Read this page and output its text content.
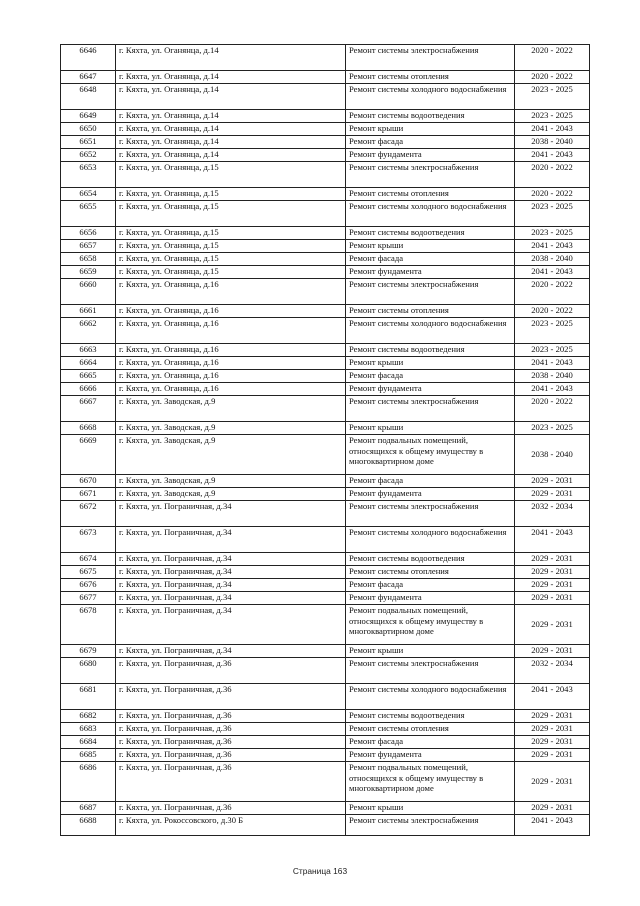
6646	г. Кяхта, ул. Оганянца, д.14	Ремонт системы электроснабжения	2020 - 2022
6647	г. Кяхта, ул. Оганянца, д.14	Ремонт системы отопления	2020 - 2022
6648	г. Кяхта, ул. Оганянца, д.14	Ремонт системы холодного водоснабжения	2023 - 2025
6649	г. Кяхта, ул. Оганянца, д.14	Ремонт системы водоотведения	2023 - 2025
6650	г. Кяхта, ул. Оганянца, д.14	Ремонт крыши	2041 - 2043
6651	г. Кяхта, ул. Оганянца, д.14	Ремонт фасада	2038 - 2040
6652	г. Кяхта, ул. Оганянца, д.14	Ремонт фундамента	2041 - 2043
6653	г. Кяхта, ул. Оганянца, д.15	Ремонт системы электроснабжения	2020 - 2022
6654	г. Кяхта, ул. Оганянца, д.15	Ремонт системы отопления	2020 - 2022
6655	г. Кяхта, ул. Оганянца, д.15	Ремонт системы холодного водоснабжения	2023 - 2025
6656	г. Кяхта, ул. Оганянца, д.15	Ремонт системы водоотведения	2023 - 2025
6657	г. Кяхта, ул. Оганянца, д.15	Ремонт крыши	2041 - 2043
6658	г. Кяхта, ул. Оганянца, д.15	Ремонт фасада	2038 - 2040
6659	г. Кяхта, ул. Оганянца, д.15	Ремонт фундамента	2041 - 2043
6660	г. Кяхта, ул. Оганянца, д.16	Ремонт системы электроснабжения	2020 - 2022
6661	г. Кяхта, ул. Оганянца, д.16	Ремонт системы отопления	2020 - 2022
6662	г. Кяхта, ул. Оганянца, д.16	Ремонт системы холодного водоснабжения	2023 - 2025
6663	г. Кяхта, ул. Оганянца, д.16	Ремонт системы водоотведения	2023 - 2025
6664	г. Кяхта, ул. Оганянца, д.16	Ремонт крыши	2041 - 2043
6665	г. Кяхта, ул. Оганянца, д.16	Ремонт фасада	2038 - 2040
6666	г. Кяхта, ул. Оганянца, д.16	Ремонт фундамента	2041 - 2043
6667	г. Кяхта, ул. Заводская, д.9	Ремонт системы электроснабжения	2020 - 2022
6668	г. Кяхта, ул. Заводская, д.9	Ремонт крыши	2023 - 2025
6669	г. Кяхта, ул. Заводская, д.9	Ремонт подвальных помещений, относящихся к общему имуществу в многоквартирном доме	2038 - 2040
6670	г. Кяхта, ул. Заводская, д.9	Ремонт фасада	2029 - 2031
6671	г. Кяхта, ул. Заводская, д.9	Ремонт фундамента	2029 - 2031
6672	г. Кяхта, ул. Пограничная, д.34	Ремонт системы электроснабжения	2032 - 2034
6673	г. Кяхта, ул. Пограничная, д.34	Ремонт системы холодного водоснабжения	2041 - 2043
6674	г. Кяхта, ул. Пограничная, д.34	Ремонт системы водоотведения	2029 - 2031
6675	г. Кяхта, ул. Пограничная, д.34	Ремонт системы отопления	2029 - 2031
6676	г. Кяхта, ул. Пограничная, д.34	Ремонт фасада	2029 - 2031
6677	г. Кяхта, ул. Пограничная, д.34	Ремонт фундамента	2029 - 2031
6678	г. Кяхта, ул. Пограничная, д.34	Ремонт подвальных помещений, относящихся к общему имуществу в многоквартирном доме	2029 - 2031
6679	г. Кяхта, ул. Пограничная, д.34	Ремонт крыши	2029 - 2031
6680	г. Кяхта, ул. Пограничная, д.36	Ремонт системы электроснабжения	2032 - 2034
6681	г. Кяхта, ул. Пограничная, д.36	Ремонт системы холодного водоснабжения	2041 - 2043
6682	г. Кяхта, ул. Пограничная, д.36	Ремонт системы водоотведения	2029 - 2031
6683	г. Кяхта, ул. Пограничная, д.36	Ремонт системы отопления	2029 - 2031
6684	г. Кяхта, ул. Пограничная, д.36	Ремонт фасада	2029 - 2031
6685	г. Кяхта, ул. Пограничная, д.36	Ремонт фундамента	2029 - 2031
6686	г. Кяхта, ул. Пограничная, д.36	Ремонт подвальных помещений, относящихся к общему имуществу в многоквартирном доме	2029 - 2031
6687	г. Кяхта, ул. Пограничная, д.36	Ремонт крыши	2029 - 2031
6688	г. Кяхта, ул. Рокоссовского, д.30 Б	Ремонт системы электроснабжения	2041 - 2043
Страница 163
